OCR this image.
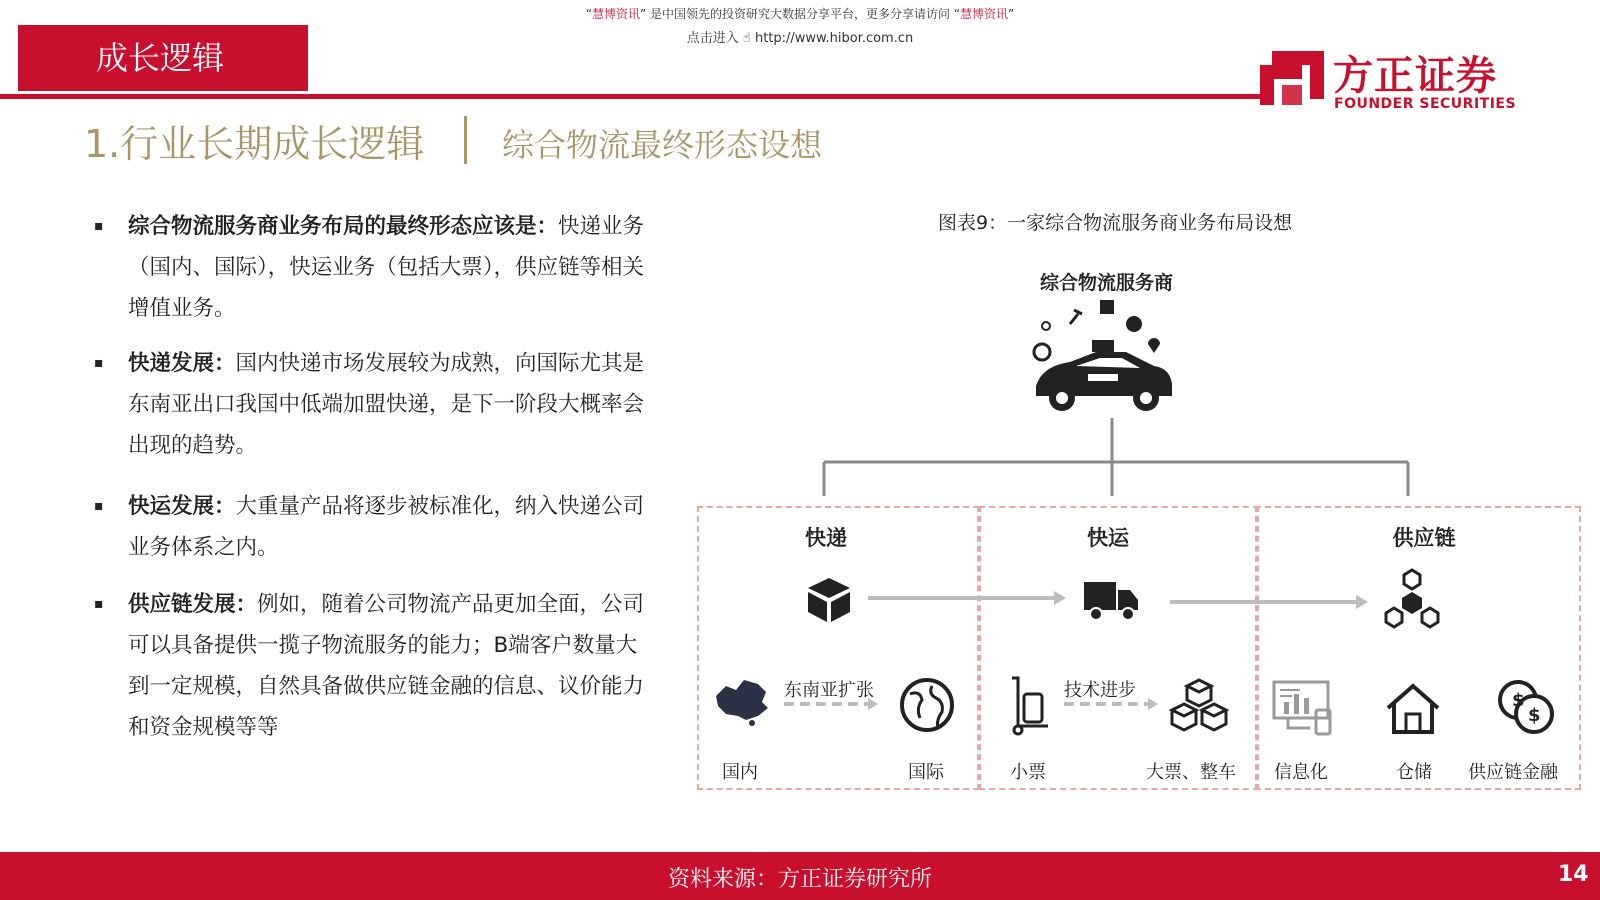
“慧博资讯” 是中国领先的投资研究大数据分享平台，更多分享请访问 “慧博资讯”
点击进入 ☝ http://www.hibor.com.cn
成长逻辑	方正证券
FOUNDER SECURITIES
1.行业长期成长逻辑 综合物流最终形态设想
▪ 综合物流服务商业务布局的最终形态应该是：快递业务（国内、国际），快运业务（包括大票），供应链等相关增值业务。
▪ 快递发展：国内快递市场发展较为成熟，向国际尤其是东南亚出口我国中低端加盟快递，是下一阶段大概率会出现的趋势。
▪ 快运发展：大重量产品将逐步被标准化，纳入快递公司业务体系之内。
▪ 供应链发展：例如，随着公司物流产品更加全面，公司可以具备提供一揽子物流服务的能力；B端客户数量大到一定规模，自然具备做供应链金融的信息、议价能力和资金规模等等
图表9：一家综合物流服务商业务布局设想
综合物流服务商
快递	快运	供应链
东南亚扩张
国内	国际
技术进步
小票	大票、整车
$
$
信息化	仓储 供应链金融
资料来源：方正证券研究所	14
